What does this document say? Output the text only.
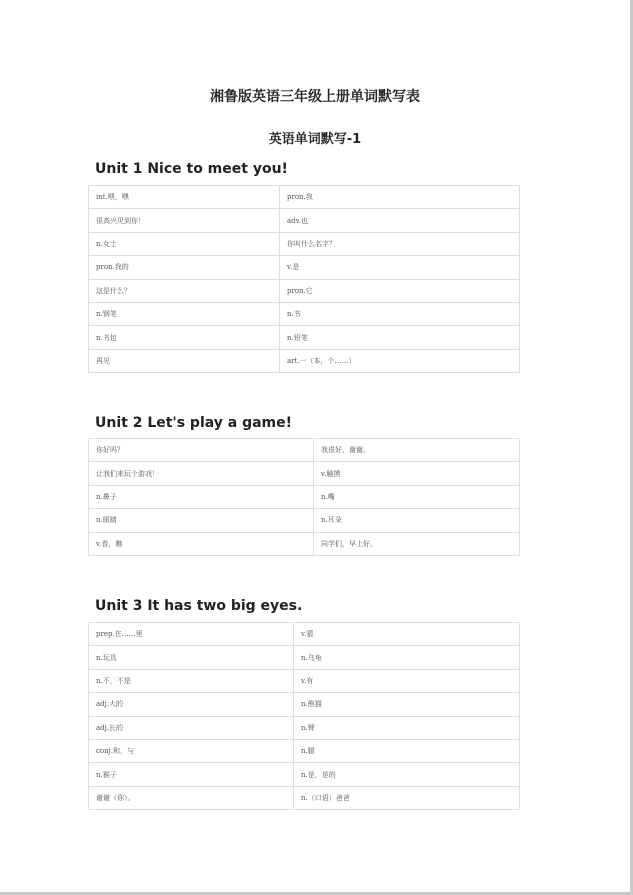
湘鲁版英语三年级上册单词默写表
英语单词默写-1
Unit 1 Nice to meet you!
int.喂，嘿	pron.我
很高兴见到你！	adv.也
n.女士	你叫什么名字？
pron.我的	v.是
这是什么？	pron.它
n.钢笔	n.书
n.书包	n.铅笔
再见	art.一（本，个……）
Unit 2 Let's play a game!
你好吗？	我很好，谢谢。
让我们来玩个游戏！	v.触摸
n.鼻子	n.嘴
n.眼睛	n.耳朵
v.看，瞧	同学们，早上好。
Unit 3 It has two big eyes.
prep.在……里	v.猜
n.玩具	n.乌龟
n.不，不是	v.有
adj.大的	n.熊猫
adj.长的	n.臂
conj.和，与	n.腿
n.猴子	n.是，是的
谢谢（你）。	n.（口语）爸爸
